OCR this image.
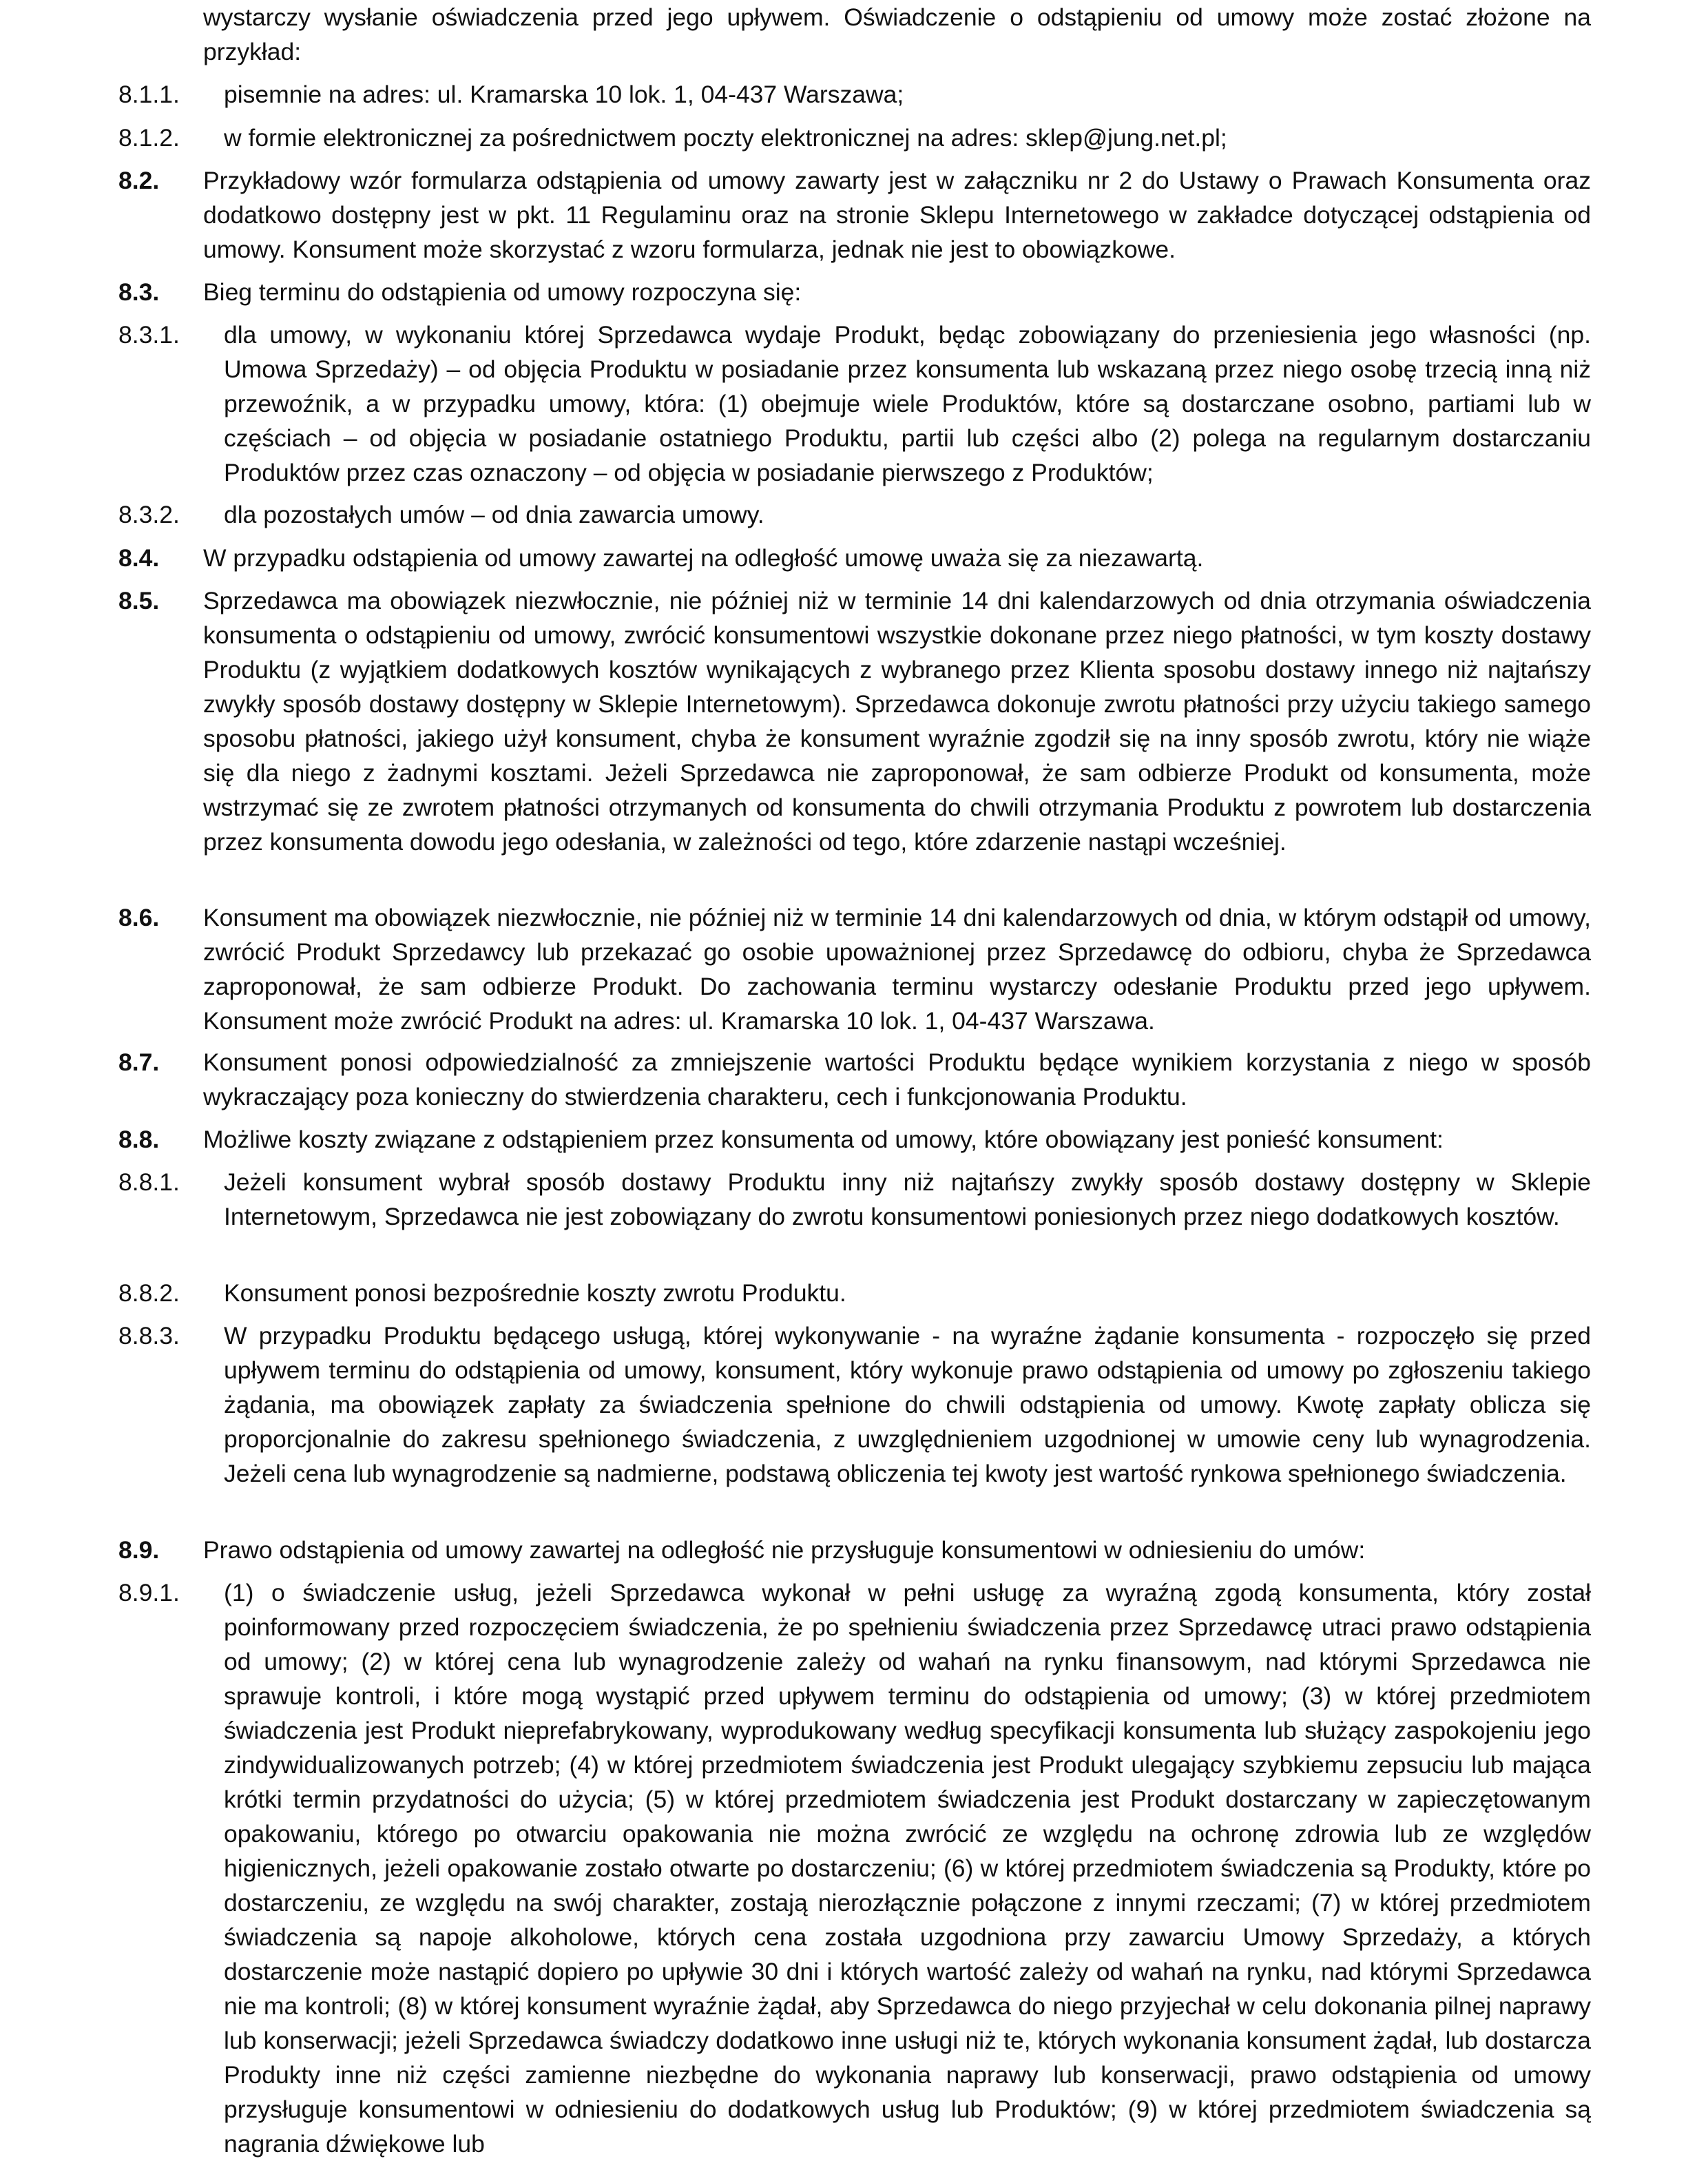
wystarczy wysłanie oświadczenia przed jego upływem. Oświadczenie o odstąpieniu od umowy może zostać złożone na przykład:
8.1.1. pisemnie na adres: ul. Kramarska 10 lok. 1, 04-437 Warszawa;
8.1.2. w formie elektronicznej za pośrednictwem poczty elektronicznej na adres: sklep@jung.net.pl;
8.2. Przykładowy wzór formularza odstąpienia od umowy zawarty jest w załączniku nr 2 do Ustawy o Prawach Konsumenta oraz dodatkowo dostępny jest w pkt. 11 Regulaminu oraz na stronie Sklepu Internetowego w zakładce dotyczącej odstąpienia od umowy. Konsument może skorzystać z wzoru formularza, jednak nie jest to obowiązkowe.
8.3. Bieg terminu do odstąpienia od umowy rozpoczyna się:
8.3.1. dla umowy, w wykonaniu której Sprzedawca wydaje Produkt, będąc zobowiązany do przeniesienia jego własności (np. Umowa Sprzedaży) – od objęcia Produktu w posiadanie przez konsumenta lub wskazaną przez niego osobę trzecią inną niż przewoźnik, a w przypadku umowy, która: (1) obejmuje wiele Produktów, które są dostarczane osobno, partiami lub w częściach – od objęcia w posiadanie ostatniego Produktu, partii lub części albo (2) polega na regularnym dostarczaniu Produktów przez czas oznaczony – od objęcia w posiadanie pierwszego z Produktów;
8.3.2. dla pozostałych umów – od dnia zawarcia umowy.
8.4. W przypadku odstąpienia od umowy zawartej na odległość umowę uważa się za niezawartą.
8.5. Sprzedawca ma obowiązek niezwłocznie, nie później niż w terminie 14 dni kalendarzowych od dnia otrzymania oświadczenia konsumenta o odstąpieniu od umowy, zwrócić konsumentowi wszystkie dokonane przez niego płatności, w tym koszty dostawy Produktu (z wyjątkiem dodatkowych kosztów wynikających z wybranego przez Klienta sposobu dostawy innego niż najtańszy zwykły sposób dostawy dostępny w Sklepie Internetowym). Sprzedawca dokonuje zwrotu płatności przy użyciu takiego samego sposobu płatności, jakiego użył konsument, chyba że konsument wyraźnie zgodził się na inny sposób zwrotu, który nie wiąże się dla niego z żadnymi kosztami. Jeżeli Sprzedawca nie zaproponował, że sam odbierze Produkt od konsumenta, może wstrzymać się ze zwrotem płatności otrzymanych od konsumenta do chwili otrzymania Produktu z powrotem lub dostarczenia przez konsumenta dowodu jego odesłania, w zależności od tego, które zdarzenie nastąpi wcześniej.
8.6. Konsument ma obowiązek niezwłocznie, nie później niż w terminie 14 dni kalendarzowych od dnia, w którym odstąpił od umowy, zwrócić Produkt Sprzedawcy lub przekazać go osobie upoważnionej przez Sprzedawcę do odbioru, chyba że Sprzedawca zaproponował, że sam odbierze Produkt. Do zachowania terminu wystarczy odesłanie Produktu przed jego upływem. Konsument może zwrócić Produkt na adres: ul. Kramarska 10 lok. 1, 04-437 Warszawa.
8.7. Konsument ponosi odpowiedzialność za zmniejszenie wartości Produktu będące wynikiem korzystania z niego w sposób wykraczający poza konieczny do stwierdzenia charakteru, cech i funkcjonowania Produktu.
8.8. Możliwe koszty związane z odstąpieniem przez konsumenta od umowy, które obowiązany jest ponieść konsument:
8.8.1. Jeżeli konsument wybrał sposób dostawy Produktu inny niż najtańszy zwykły sposób dostawy dostępny w Sklepie Internetowym, Sprzedawca nie jest zobowiązany do zwrotu konsumentowi poniesionych przez niego dodatkowych kosztów.
8.8.2. Konsument ponosi bezpośrednie koszty zwrotu Produktu.
8.8.3. W przypadku Produktu będącego usługą, której wykonywanie - na wyraźne żądanie konsumenta - rozpoczęło się przed upływem terminu do odstąpienia od umowy, konsument, który wykonuje prawo odstąpienia od umowy po zgłoszeniu takiego żądania, ma obowiązek zapłaty za świadczenia spełnione do chwili odstąpienia od umowy. Kwotę zapłaty oblicza się proporcjonalnie do zakresu spełnionego świadczenia, z uwzględnieniem uzgodnionej w umowie ceny lub wynagrodzenia. Jeżeli cena lub wynagrodzenie są nadmierne, podstawą obliczenia tej kwoty jest wartość rynkowa spełnionego świadczenia.
8.9. Prawo odstąpienia od umowy zawartej na odległość nie przysługuje konsumentowi w odniesieniu do umów:
8.9.1. (1) o świadczenie usług, jeżeli Sprzedawca wykonał w pełni usługę za wyraźną zgodą konsumenta, który został poinformowany przed rozpoczęciem świadczenia, że po spełnieniu świadczenia przez Sprzedawcę utraci prawo odstąpienia od umowy; (2) w której cena lub wynagrodzenie zależy od wahań na rynku finansowym, nad którymi Sprzedawca nie sprawuje kontroli, i które mogą wystąpić przed upływem terminu do odstąpienia od umowy; (3) w której przedmiotem świadczenia jest Produkt nieprefabrykowany, wyprodukowany według specyfikacji konsumenta lub służący zaspokojeniu jego zindywidualizowanych potrzeb; (4) w której przedmiotem świadczenia jest Produkt ulegający szybkiemu zepsuciu lub mająca krótki termin przydatności do użycia; (5) w której przedmiotem świadczenia jest Produkt dostarczany w zapieczętowanym opakowaniu, którego po otwarciu opakowania nie można zwrócić ze względu na ochronę zdrowia lub ze względów higienicznych, jeżeli opakowanie zostało otwarte po dostarczeniu; (6) w której przedmiotem świadczenia są Produkty, które po dostarczeniu, ze względu na swój charakter, zostają nierozłącznie połączone z innymi rzeczami; (7) w której przedmiotem świadczenia są napoje alkoholowe, których cena została uzgodniona przy zawarciu Umowy Sprzedaży, a których dostarczenie może nastąpić dopiero po upływie 30 dni i których wartość zależy od wahań na rynku, nad którymi Sprzedawca nie ma kontroli; (8) w której konsument wyraźnie żądał, aby Sprzedawca do niego przyjechał w celu dokonania pilnej naprawy lub konserwacji; jeżeli Sprzedawca świadczy dodatkowo inne usługi niż te, których wykonania konsument żądał, lub dostarcza Produkty inne niż części zamienne niezbędne do wykonania naprawy lub konserwacji, prawo odstąpienia od umowy przysługuje konsumentowi w odniesieniu do dodatkowych usług lub Produktów; (9) w której przedmiotem świadczenia są nagrania dźwiękowe lub
